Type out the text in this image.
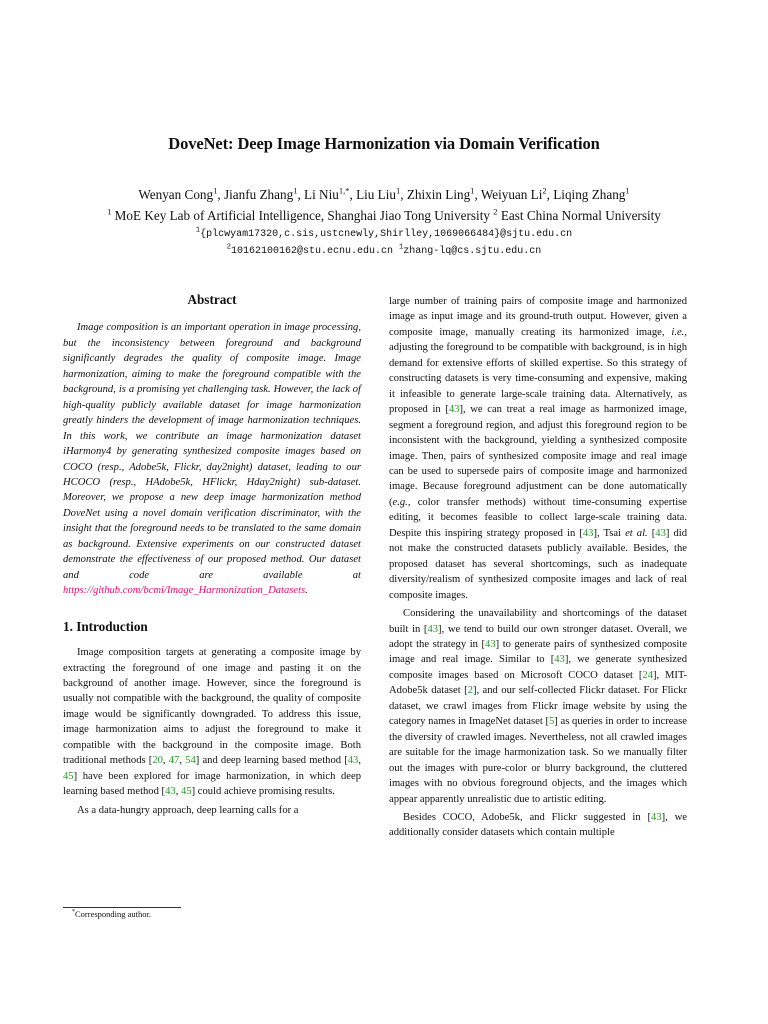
DoveNet: Deep Image Harmonization via Domain Verification
Wenyan Cong$^1$, Jianfu Zhang$^1$, Li Niu$^{1,*}$, Liu Liu$^1$, Zhixin Ling$^1$, Weiyuan Li$^2$, Liqing Zhang$^1$
$^1$ MoE Key Lab of Artificial Intelligence, Shanghai Jiao Tong University $^2$ East China Normal University
$^1${plcwyam17320,c.sis,ustcnewly,Shirlley,1069066484}@sjtu.edu.cn
$^2$10162100162@stu.ecnu.edu.cn $^1$zhang-lq@cs.sjtu.edu.cn
Abstract

Image composition is an important operation in image processing, but the inconsistency between foreground and background significantly degrades the quality of composite image. Image harmonization, aiming to make the foreground compatible with the background, is a promising yet challenging task. However, the lack of high-quality publicly available dataset for image harmonization greatly hinders the development of image harmonization techniques. In this work, we contribute an image harmonization dataset iHarmony4 by generating synthesized composite images based on COCO (resp., Adobe5k, Flickr, day2night) dataset, leading to our HCOCO (resp., HAdobe5k, HFlickr, Hday2night) sub-dataset. Moreover, we propose a new deep image harmonization method DoveNet using a novel domain verification discriminator, with the insight that the foreground needs to be translated to the same domain as background. Extensive experiments on our constructed dataset demonstrate the effectiveness of our proposed method. Our dataset and code are available at https://github.com/bcmi/Image_Harmonization_Datasets.

1. Introduction

Image composition targets at generating a composite image by extracting the foreground of one image and pasting it on the background of another image. However, since the foreground is usually not compatible with the background, the quality of composite image would be significantly downgraded. To address this issue, image harmonization aims to adjust the foreground to make it compatible with the background in the composite image. Both traditional methods [20, 47, 54] and deep learning based method [43, 45] have been explored for image harmonization, in which deep learning based method [43, 45] could achieve promising results.

As a data-hungry approach, deep learning calls for a

large number of training pairs of composite image and harmonized image as input image and its ground-truth output. However, given a composite image, manually creating its harmonized image, i.e., adjusting the foreground to be compatible with background, is in high demand for extensive efforts of skilled expertise. So this strategy of constructing datasets is very time-consuming and expensive, making it infeasible to generate large-scale training data. Alternatively, as proposed in [43], we can treat a real image as harmonized image, segment a foreground region, and adjust this foreground region to be inconsistent with the background, yielding a synthesized composite image. Then, pairs of synthesized composite image and real image can be used to supersede pairs of composite image and harmonized image. Because foreground adjustment can be done automatically (e.g., color transfer methods) without time-consuming expertise editing, it becomes feasible to collect large-scale training data. Despite this inspiring strategy proposed in [43], Tsai et al. [43] did not make the constructed datasets publicly available. Besides, the proposed dataset has several shortcomings, such as inadequate diversity/realism of synthesized composite images and lack of real composite images.

Considering the unavailability and shortcomings of the dataset built in [43], we tend to build our own stronger dataset. Overall, we adopt the strategy in [43] to generate pairs of synthesized composite image and real image. Similar to [43], we generate synthesized composite images based on Microsoft COCO dataset [24], MIT-Adobe5k dataset [2], and our self-collected Flickr dataset. For Flickr dataset, we crawl images from Flickr image website by using the category names in ImageNet dataset [5] as queries in order to increase the diversity of crawled images. Nevertheless, not all crawled images are suitable for the image harmonization task. So we manually filter out the images with pure-color or blurry background, the cluttered images with no obvious foreground objects, and the images which appear apparently unrealistic due to artistic editing.

Besides COCO, Adobe5k, and Flickr suggested in [43], we additionally consider datasets which contain multiple

*Corresponding author.
